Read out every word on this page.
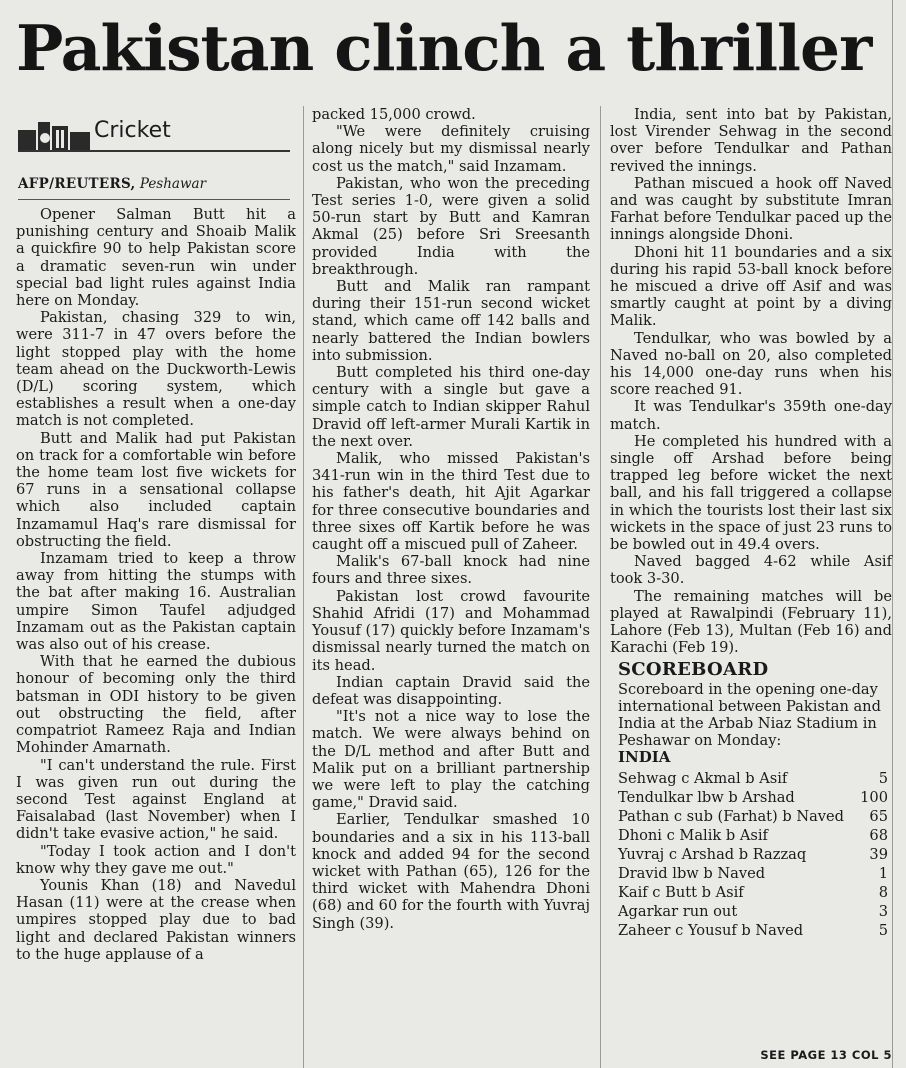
Pakistan clinch a thriller
Cricket
AFP/REUTERS, Peshawar

Opener Salman Butt hit a punishing century and Shoaib Malik a quickfire 90 to help Pakistan score a dramatic seven-run win under special bad light rules against India here on Monday.

Pakistan, chasing 329 to win, were 311-7 in 47 overs before the light stopped play with the home team ahead on the Duckworth-Lewis (D/L) scoring system, which establishes a result when a one-day match is not completed.

Butt and Malik had put Pakistan on track for a comfortable win before the home team lost five wickets for 67 runs in a sensational collapse which also included captain Inzamamul Haq's rare dismissal for obstructing the field.

Inzamam tried to keep a throw away from hitting the stumps with the bat after making 16. Australian umpire Simon Taufel adjudged Inzamam out as the Pakistan captain was also out of his crease.

With that he earned the dubious honour of becoming only the third batsman in ODI history to be given out obstructing the field, after compatriot Rameez Raja and Indian Mohinder Amarnath.

"I can't understand the rule. First I was given run out during the second Test against England at Faisalabad (last November) when I didn't take evasive action," he said.

"Today I took action and I don't know why they gave me out."

Younis Khan (18) and Navedul Hasan (11) were at the crease when umpires stopped play due to bad light and declared Pakistan winners to the huge applause of a

packed 15,000 crowd.

"We were definitely cruising along nicely but my dismissal nearly cost us the match," said Inzamam.

Pakistan, who won the preceding Test series 1-0, were given a solid 50-run start by Butt and Kamran Akmal (25) before Sri Sreesanth provided India with the breakthrough.

Butt and Malik ran rampant during their 151-run second wicket stand, which came off 142 balls and nearly battered the Indian bowlers into submission.

Butt completed his third one-day century with a single but gave a simple catch to Indian skipper Rahul Dravid off left-armer Murali Kartik in the next over.

Malik, who missed Pakistan's 341-run win in the third Test due to his father's death, hit Ajit Agarkar for three consecutive boundaries and three sixes off Kartik before he was caught off a miscued pull of Zaheer.

Malik's 67-ball knock had nine fours and three sixes.

Pakistan lost crowd favourite Shahid Afridi (17) and Mohammad Yousuf (17) quickly before Inzamam's dismissal nearly turned the match on its head.

Indian captain Dravid said the defeat was disappointing.

"It's not a nice way to lose the match. We were always behind on the D/L method and after Butt and Malik put on a brilliant partnership we were left to play the catching game," Dravid said.

Earlier, Tendulkar smashed 10 boundaries and a six in his 113-ball knock and added 94 for the second wicket with Pathan (65), 126 for the third wicket with Mahendra Dhoni (68) and 60 for the fourth with Yuvraj Singh (39).

India, sent into bat by Pakistan, lost Virender Sehwag in the second over before Tendulkar and Pathan revived the innings.

Pathan miscued a hook off Naved and was caught by substitute Imran Farhat before Tendulkar paced up the innings alongside Dhoni.

Dhoni hit 11 boundaries and a six during his rapid 53-ball knock before he miscued a drive off Asif and was smartly caught at point by a diving Malik.

Tendulkar, who was bowled by a Naved no-ball on 20, also completed his 14,000 one-day runs when his score reached 91.

It was Tendulkar's 359th one-day match.

He completed his hundred with a single off Arshad before being trapped leg before wicket the next ball, and his fall triggered a collapse in which the tourists lost their last six wickets in the space of just 23 runs to be bowled out in 49.4 overs.

Naved bagged 4-62 while Asif took 3-30.

The remaining matches will be played at Rawalpindi (February 11), Lahore (Feb 13), Multan (Feb 16) and Karachi (Feb 19).

SCOREBOARD

Scoreboard in the opening one-day international between Pakistan and India at the Arbab Niaz Stadium in Peshawar on Monday:

INDIA
Sehwag c Akmal b Asif	5
Tendulkar lbw b Arshad	100
Pathan c sub (Farhat) b Naved 65
Dhoni c Malik b Asif	68
Yuvraj c Arshad b Razzaq	39
Dravid lbw b Naved	1
Kaif c Butt b Asif	8
Agarkar run out	3
Zaheer c Yousuf b Naved	5
SEE PAGE 13 COL 5
